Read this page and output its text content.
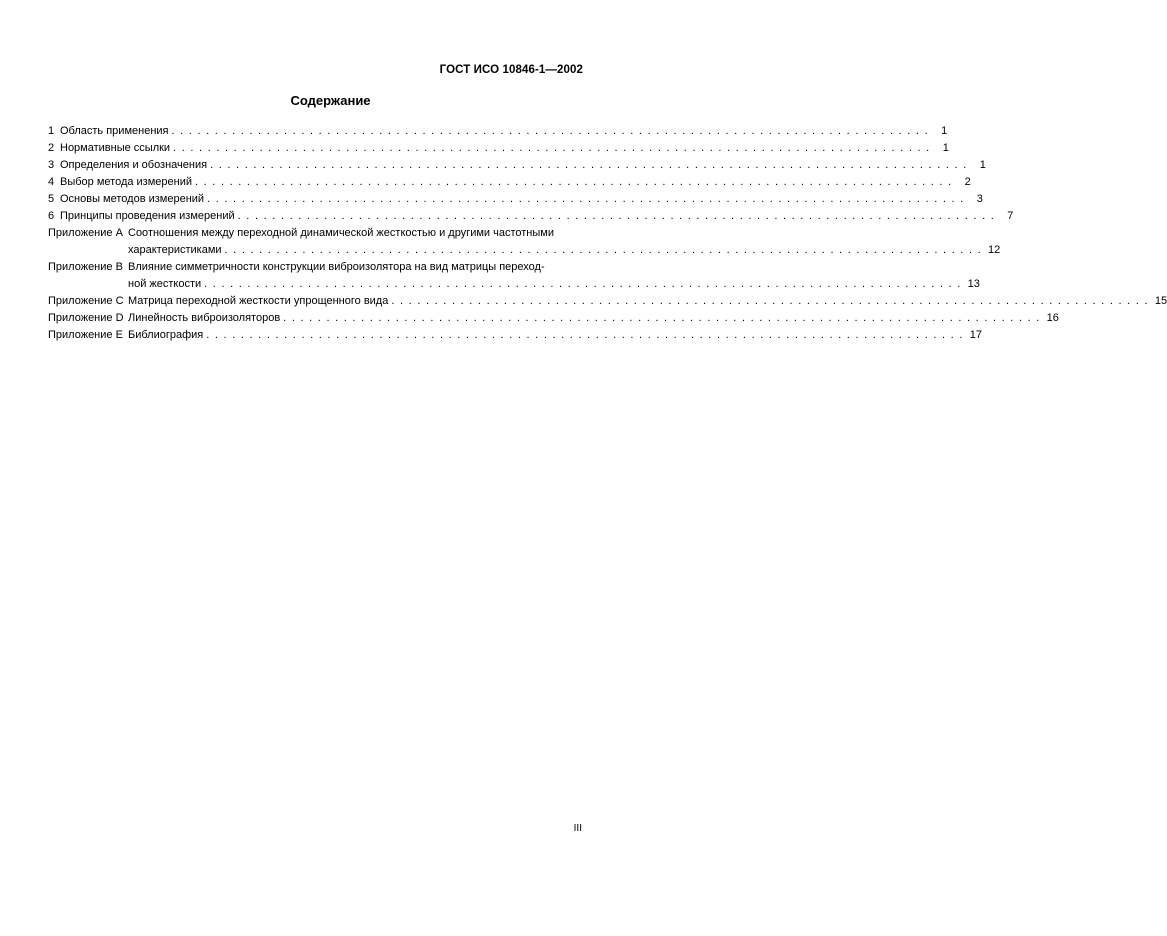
ГОСТ ИСО 10846-1—2002
Содержание
1 Область применения ........................................................................................ 1
2 Нормативные ссылки ........................................................................................ 1
3 Определения и обозначения ........................................................................................ 1
4 Выбор метода измерений ........................................................................................ 2
5 Основы методов измерений ........................................................................................ 3
6 Принципы проведения измерений ........................................................................................ 7
Приложение А Соотношения между переходной динамической жесткостью и другими частотными
характеристиками ........................................................................................ 12
Приложение В Влияние симметричности конструкции виброизолятора на вид матрицы переход-
ной жесткости ........................................................................................ 13
Приложение С Матрица переходной жесткости упрощенного вида ........................................................................................ 15
Приложение D Линейность виброизоляторов ........................................................................................ 16
Приложение E Библиография ........................................................................................ 17
III
